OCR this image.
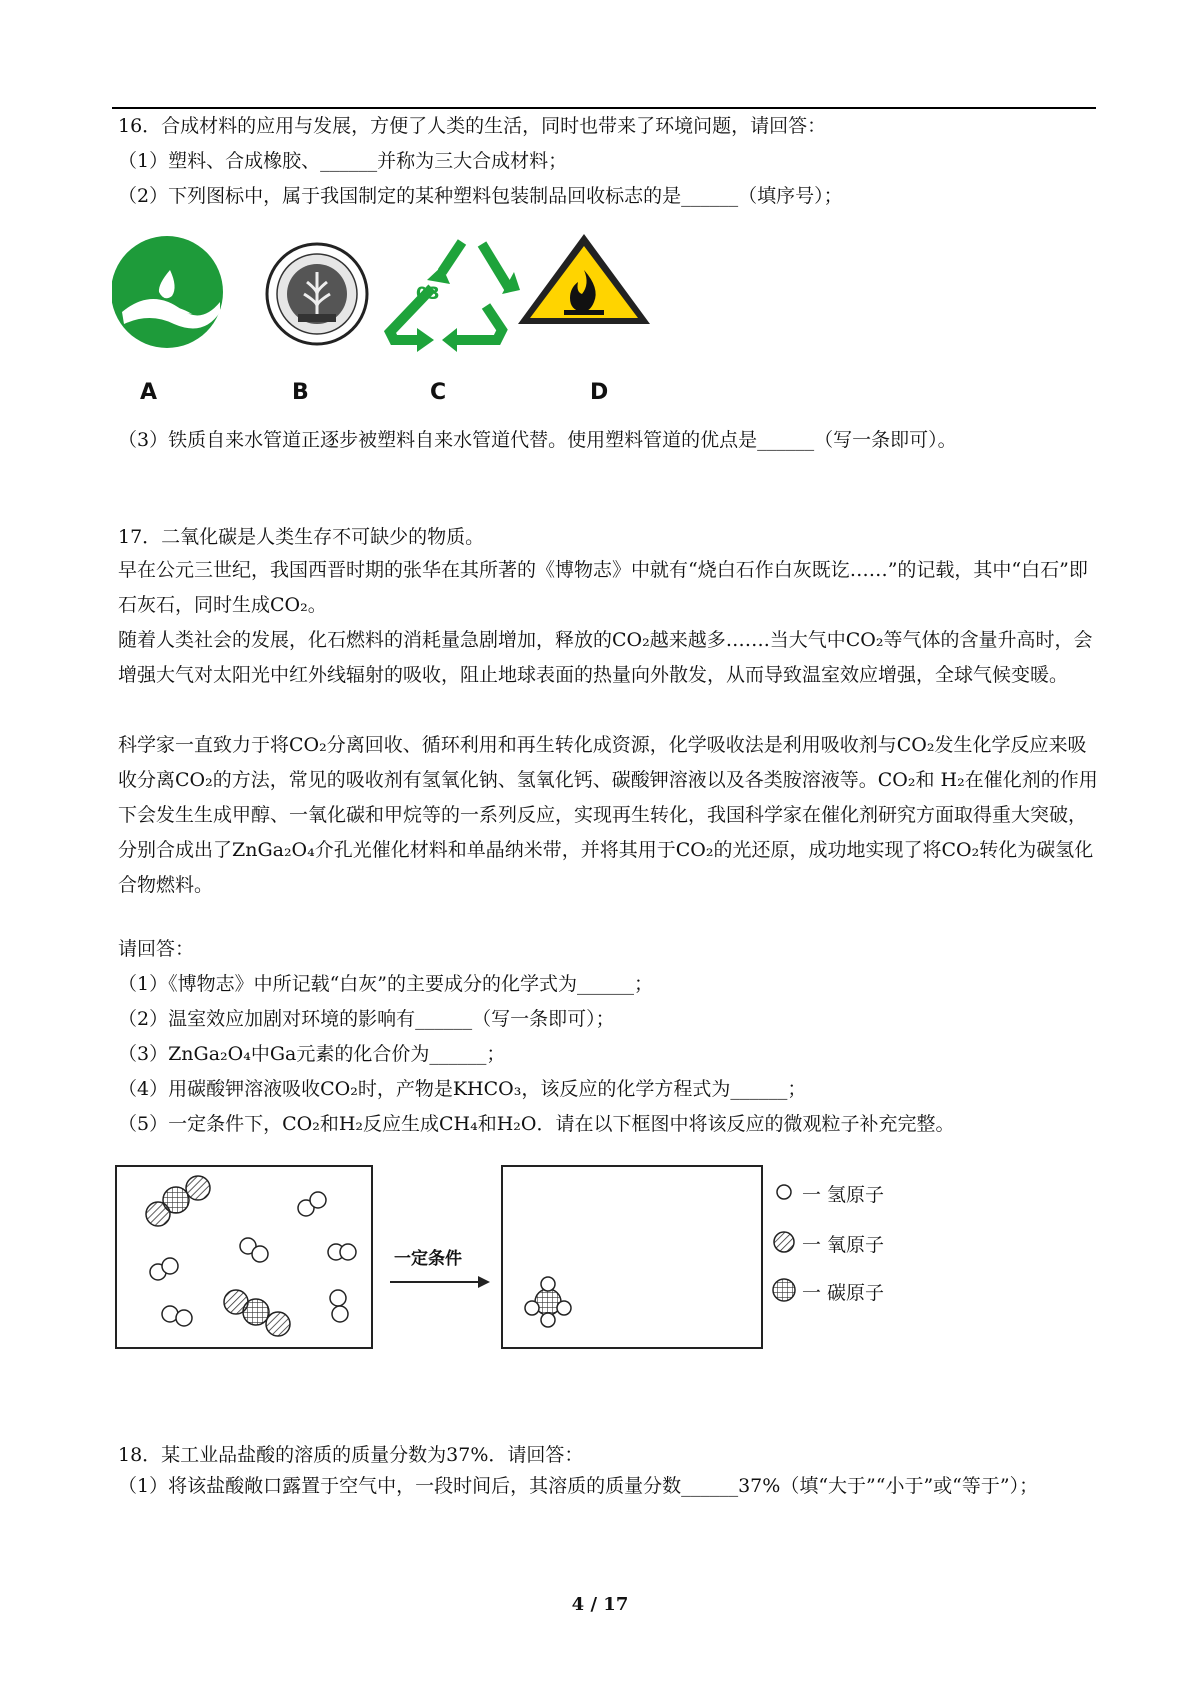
16．合成材料的应用与发展，方便了人类的生活，同时也带来了环境问题，请回答：
（1）塑料、合成橡胶、______并称为三大合成材料；
（2）下列图标中，属于我国制定的某种塑料包装制品回收标志的是______（填序号）；
A	B	C	D
03
（3）铁质自来水管道正逐步被塑料自来水管道代替。使用塑料管道的优点是______（写一条即可）。
17．二氧化碳是人类生存不可缺少的物质。
早在公元三世纪，我国西晋时期的张华在其所著的《博物志》中就有“烧白石作白灰既讫……”的记载，其中“白石”即石灰石，同时生成CO₂。
随着人类社会的发展，化石燃料的消耗量急剧增加，释放的CO₂越来越多…….当大气中CO₂等气体的含量升高时，会增强大气对太阳光中红外线辐射的吸收，阻止地球表面的热量向外散发，从而导致温室效应增强，全球气候变暖。
科学家一直致力于将CO₂分离回收、循环利用和再生转化成资源，化学吸收法是利用吸收剂与CO₂发生化学反应来吸收分离CO₂的方法，常见的吸收剂有氢氧化钠、氢氧化钙、碳酸钾溶液以及各类胺溶液等。CO₂和 H₂在催化剂的作用下会发生生成甲醇、一氧化碳和甲烷等的一系列反应，实现再生转化，我国科学家在催化剂研究方面取得重大突破，分别合成出了ZnGa₂O₄介孔光催化材料和单晶纳米带，并将其用于CO₂的光还原，成功地实现了将CO₂转化为碳氢化合物燃料。
请回答：
（1）《博物志》中所记载“白灰”的主要成分的化学式为______；
（2）温室效应加剧对环境的影响有______（写一条即可）；
（3）ZnGa₂O₄中Ga元素的化合价为______；
（4）用碳酸钾溶液吸收CO₂时，产物是KHCO₃，该反应的化学方程式为______；
（5）一定条件下，CO₂和H₂反应生成CH₄和H₂O．请在以下框图中将该反应的微观粒子补充完整。
一定条件
一 氢原子
一 氧原子
一 碳原子
18．某工业品盐酸的溶质的质量分数为37%．请回答：
（1）将该盐酸敞口露置于空气中，一段时间后，其溶质的质量分数______37%（填“大于”“小于”或“等于”）；
4 / 17
